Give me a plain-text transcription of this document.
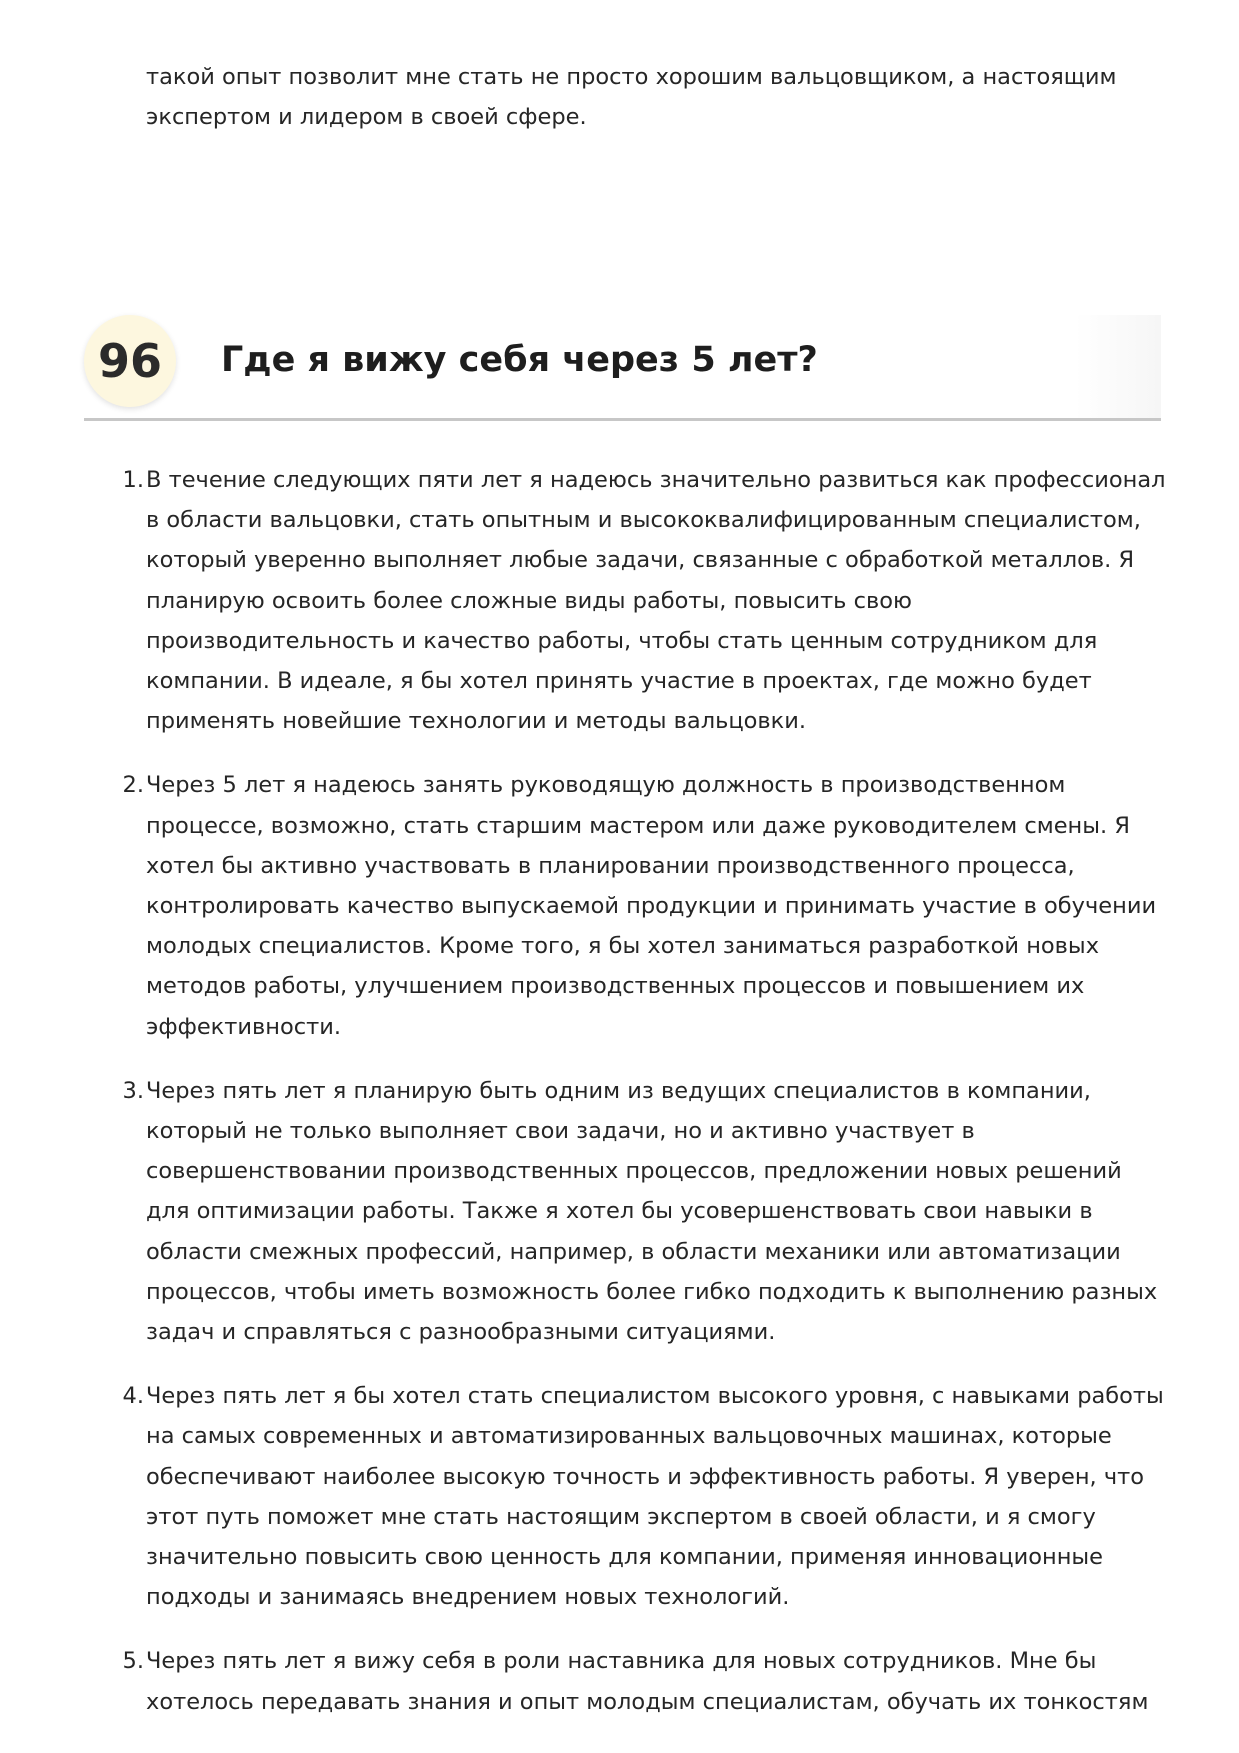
такой опыт позволит мне стать не просто хорошим вальцовщиком, а настоящим экспертом и лидером в своей сфере.

96	Где я вижу себя через 5 лет?
1. В течение следующих пяти лет я надеюсь значительно развиться как профессионал в области вальцовки, стать опытным и высококвалифицированным специалистом, который уверенно выполняет любые задачи, связанные с обработкой металлов. Я планирую освоить более сложные виды работы, повысить свою производительность и качество работы, чтобы стать ценным сотрудником для компании. В идеале, я бы хотел принять участие в проектах, где можно будет применять новейшие технологии и методы вальцовки.
2. Через 5 лет я надеюсь занять руководящую должность в производственном процессе, возможно, стать старшим мастером или даже руководителем смены. Я хотел бы активно участвовать в планировании производственного процесса, контролировать качество выпускаемой продукции и принимать участие в обучении молодых специалистов. Кроме того, я бы хотел заниматься разработкой новых методов работы, улучшением производственных процессов и повышением их эффективности.
3. Через пять лет я планирую быть одним из ведущих специалистов в компании, который не только выполняет свои задачи, но и активно участвует в совершенствовании производственных процессов, предложении новых решений для оптимизации работы. Также я хотел бы усовершенствовать свои навыки в области смежных профессий, например, в области механики или автоматизации процессов, чтобы иметь возможность более гибко подходить к выполнению разных задач и справляться с разнообразными ситуациями.
4. Через пять лет я бы хотел стать специалистом высокого уровня, с навыками работы на самых современных и автоматизированных вальцовочных машинах, которые обеспечивают наиболее высокую точность и эффективность работы. Я уверен, что этот путь поможет мне стать настоящим экспертом в своей области, и я смогу значительно повысить свою ценность для компании, применяя инновационные подходы и занимаясь внедрением новых технологий.
5. Через пять лет я вижу себя в роли наставника для новых сотрудников. Мне бы хотелось передавать знания и опыт молодым специалистам, обучать их тонкостям
